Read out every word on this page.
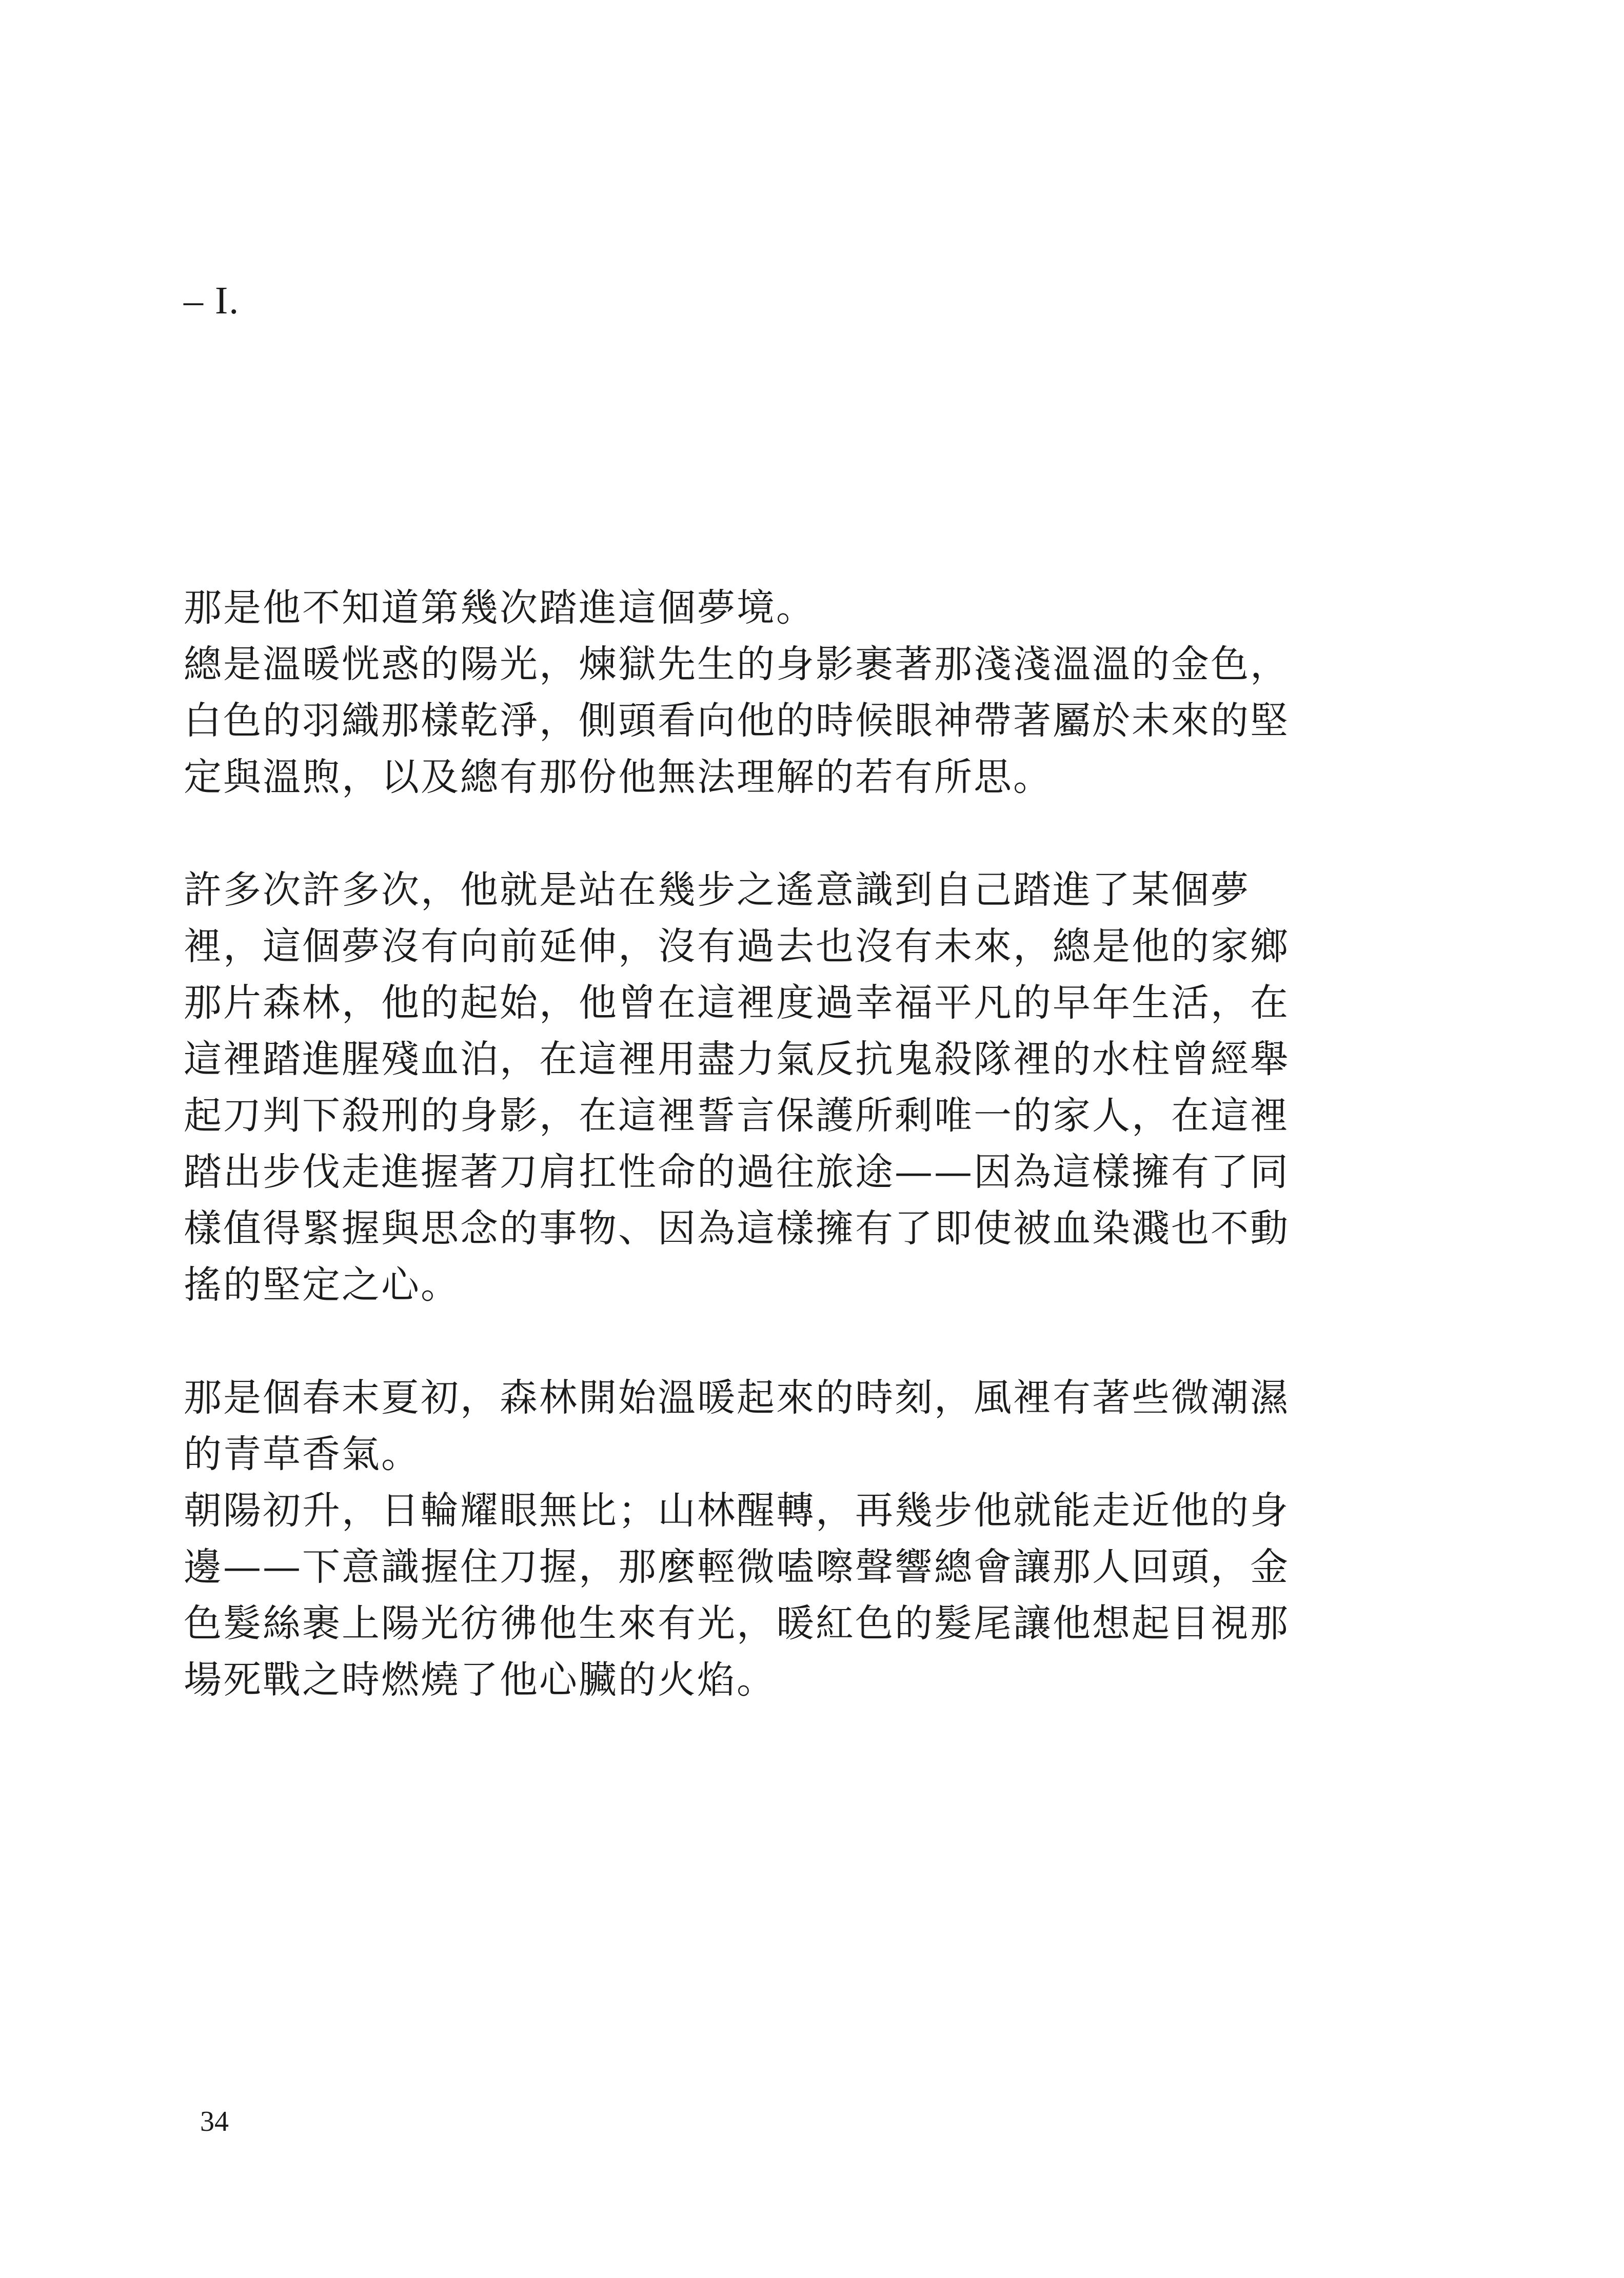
– I.
那是他不知道第幾次踏進這個夢境。
總是溫暖恍惑的陽光，煉獄先生的身影裹著那淺淺溫溫的金色，
白色的羽織那樣乾淨，側頭看向他的時候眼神帶著屬於未來的堅
定與溫煦，以及總有那份他無法理解的若有所思。
許多次許多次，他就是站在幾步之遙意識到自己踏進了某個夢
裡，這個夢沒有向前延伸，沒有過去也沒有未來，總是他的家鄉
那片森林，他的起始，他曾在這裡度過幸福平凡的早年生活，在
這裡踏進腥殘血泊，在這裡用盡力氣反抗鬼殺隊裡的水柱曾經舉
起刀判下殺刑的身影，在這裡誓言保護所剩唯一的家人，在這裡
踏出步伐走進握著刀肩扛性命的過往旅途——因為這樣擁有了同
樣值得緊握與思念的事物、因為這樣擁有了即使被血染濺也不動
搖的堅定之心。
那是個春末夏初，森林開始溫暖起來的時刻，風裡有著些微潮濕
的青草香氣。
朝陽初升，日輪耀眼無比；山林醒轉，再幾步他就能走近他的身
邊——下意識握住刀握，那麼輕微嗑嚓聲響總會讓那人回頭，金
色髮絲裹上陽光彷彿他生來有光，暖紅色的髮尾讓他想起目視那
場死戰之時燃燒了他心臟的火焰。
34
